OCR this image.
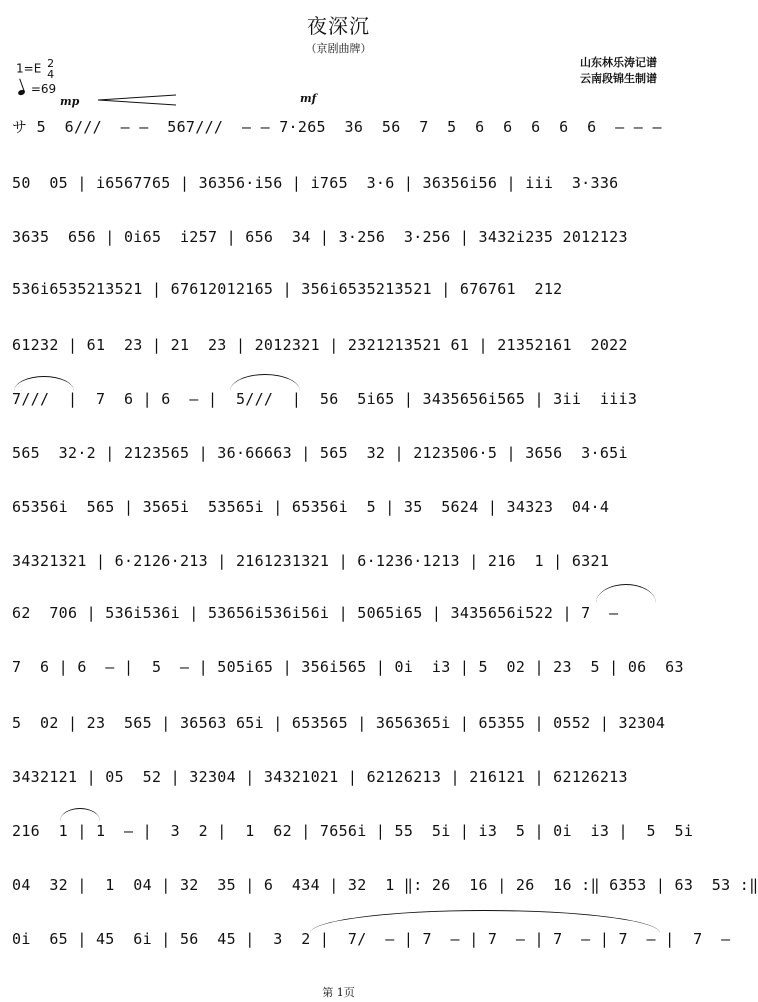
夜深沉
（京剧曲牌）
山东林乐涛记谱
云南段锦生制谱
1=E 2
4
=69
mp	mf
サ 5  6///  — —  567///  — — 7·265  36  56  7  5  6  6  6  6  6  — — —
50  05 | i6567765 | 36356·i56 | i765  3·6 | 36356i56 | iii  3·336
3635  656 | 0i65  i257 | 656  34 | 3·256  3·256 | 3432i235 2012123
536i6535213521 | 67612012165 | 356i6535213521 | 676761  212
61232 | 61  23 | 21  23 | 2012321 | 2321213521 61 | 21352161  2022
7///  |  7  6 | 6  — |  5///  |  56  5i65 | 3435656i565 | 3ii  iii3
565  32·2 | 2123565 | 36·66663 | 565  32 | 2123506·5 | 3656  3·65i
65356i  565 | 3565i  53565i | 65356i  5 | 35  5624 | 34323  04·4
34321321 | 6·2126·213 | 2161231321 | 6·1236·1213 | 216  1 | 6321
62  706 | 536i536i | 53656i536i56i | 5065i65 | 3435656i522 | 7  —
7  6 | 6  — |  5  — | 505i65 | 356i565 | 0i  i3 | 5  02 | 23  5 | 06  63
5  02 | 23  565 | 36563 65i | 653565 | 3656365i | 65355 | 0552 | 32304
3432121 | 05  52 | 32304 | 34321021 | 62126213 | 216121 | 62126213
216  1 | 1  — |  3  2 |  1  62 | 7656i | 55  5i | i3  5 | 0i  i3 |  5  5i
04  32 |  1  04 | 32  35 | 6  434 | 32  1 ‖: 26  16 | 26  16 :‖ 6353 | 63  53 :‖
0i  65 | 45  6i | 56  45 |  3  2 |  7/  — | 7  — | 7  — | 7  — | 7  — |  7  —
第 1页
